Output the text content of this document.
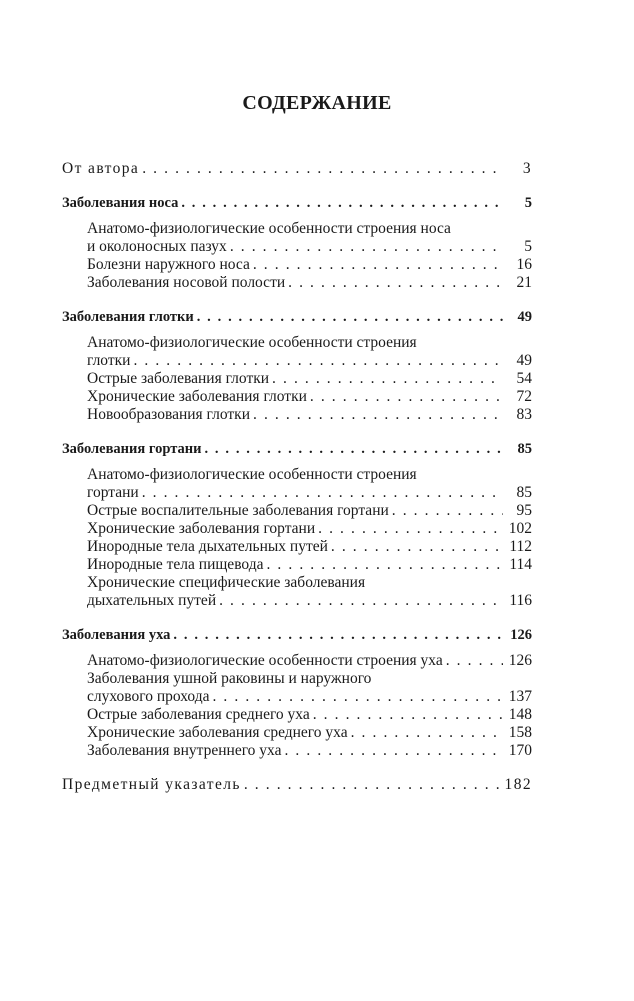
СОДЕРЖАНИЕ
От автора . . .	3
Заболевания носа . . .	5
Анатомо-физиологические особенности строения носа
и околоносных пазух . . .	5
Болезни наружного носа . . .	16
Заболевания носовой полости . . .	21
Заболевания глотки . . .	49
Анатомо-физиологические особенности строения
глотки . . .	49
Острые заболевания глотки . . .	54
Хронические заболевания глотки . . .	72
Новообразования глотки . . .	83
Заболевания гортани . . .	85
Анатомо-физиологические особенности строения
гортани . . .	85
Острые воспалительные заболевания гортани . . .	95
Хронические заболевания гортани . . .	102
Инородные тела дыхательных путей . . .	112
Инородные тела пищевода . . .	114
Хронические специфические заболевания
дыхательных путей . . .	116
Заболевания уха . . .	126
Анатомо-физиологические особенности строения уха . . .	126
Заболевания ушной раковины и наружного
слухового прохода . . .	137
Острые заболевания среднего уха . . .	148
Хронические заболевания среднего уха . . .	158
Заболевания внутреннего уха . . .	170
Предметный указатель . . .	182
